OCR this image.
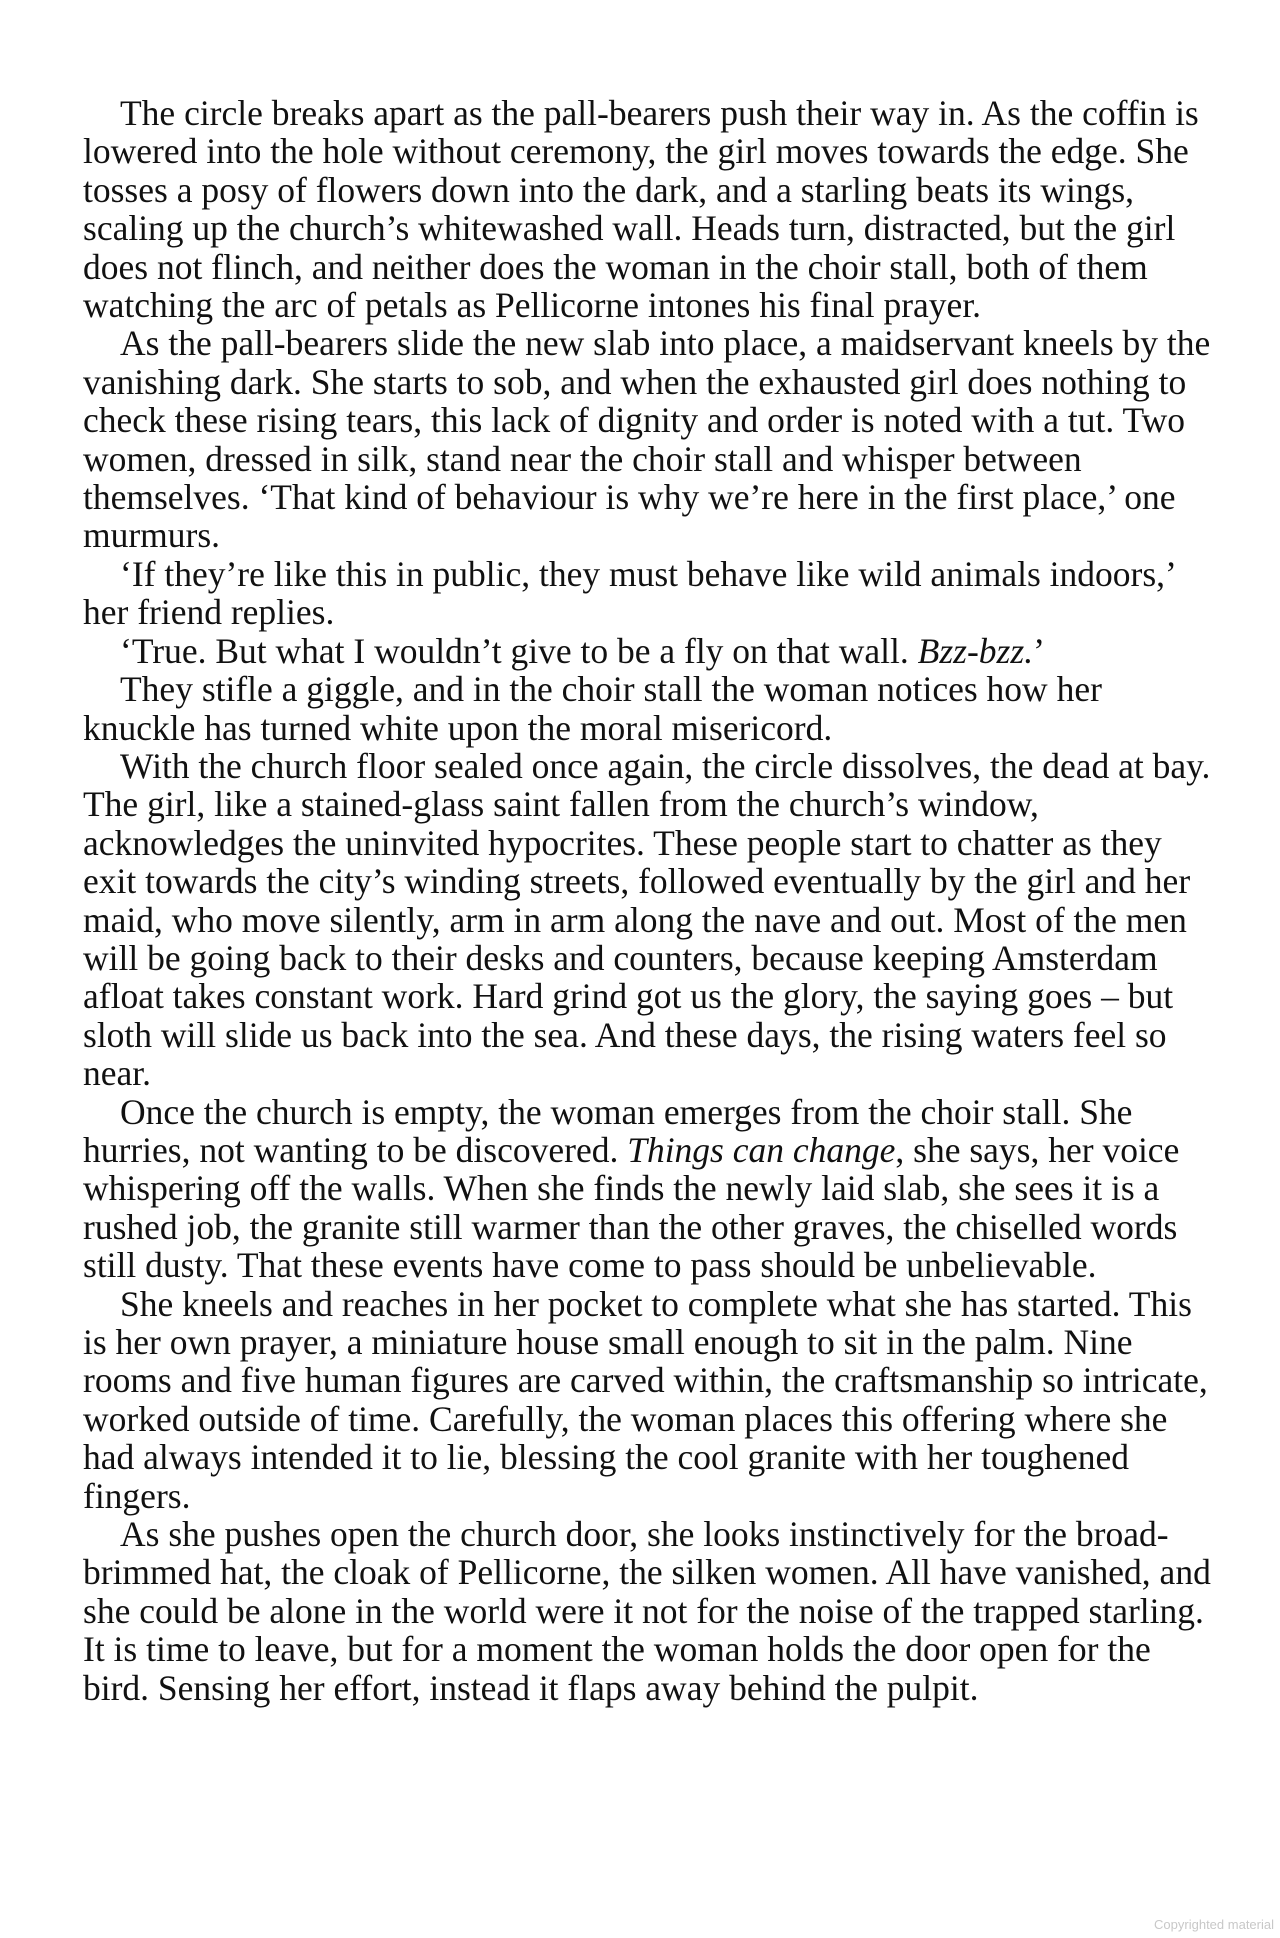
The circle breaks apart as the pall-bearers push their way in. As the coffin is lowered into the hole without ceremony, the girl moves towards the edge. She tosses a posy of flowers down into the dark, and a starling beats its wings, scaling up the church’s whitewashed wall. Heads turn, distracted, but the girl does not flinch, and neither does the woman in the choir stall, both of them watching the arc of petals as Pellicorne intones his final prayer.

As the pall-bearers slide the new slab into place, a maidservant kneels by the vanishing dark. She starts to sob, and when the exhausted girl does nothing to check these rising tears, this lack of dignity and order is noted with a tut. Two women, dressed in silk, stand near the choir stall and whisper between themselves. ‘That kind of behaviour is why we’re here in the first place,’ one murmurs.

‘If they’re like this in public, they must behave like wild animals indoors,’ her friend replies.

‘True. But what I wouldn’t give to be a fly on that wall. Bzz-bzz.’

They stifle a giggle, and in the choir stall the woman notices how her knuckle has turned white upon the moral misericord.

With the church floor sealed once again, the circle dissolves, the dead at bay. The girl, like a stained-glass saint fallen from the church’s window, acknowledges the uninvited hypocrites. These people start to chatter as they exit towards the city’s winding streets, followed eventually by the girl and her maid, who move silently, arm in arm along the nave and out. Most of the men will be going back to their desks and counters, because keeping Amsterdam afloat takes constant work. Hard grind got us the glory, the saying goes – but sloth will slide us back into the sea. And these days, the rising waters feel so near.

Once the church is empty, the woman emerges from the choir stall. She hurries, not wanting to be discovered. Things can change, she says, her voice whispering off the walls. When she finds the newly laid slab, she sees it is a rushed job, the granite still warmer than the other graves, the chiselled words still dusty. That these events have come to pass should be unbelievable.

She kneels and reaches in her pocket to complete what she has started. This is her own prayer, a miniature house small enough to sit in the palm. Nine rooms and five human figures are carved within, the craftsmanship so intricate, worked outside of time. Carefully, the woman places this offering where she had always intended it to lie, blessing the cool granite with her toughened fingers.

As she pushes open the church door, she looks instinctively for the broad-brimmed hat, the cloak of Pellicorne, the silken women. All have vanished, and she could be alone in the world were it not for the noise of the trapped starling. It is time to leave, but for a moment the woman holds the door open for the bird. Sensing her effort, instead it flaps away behind the pulpit.

Copyrighted material
